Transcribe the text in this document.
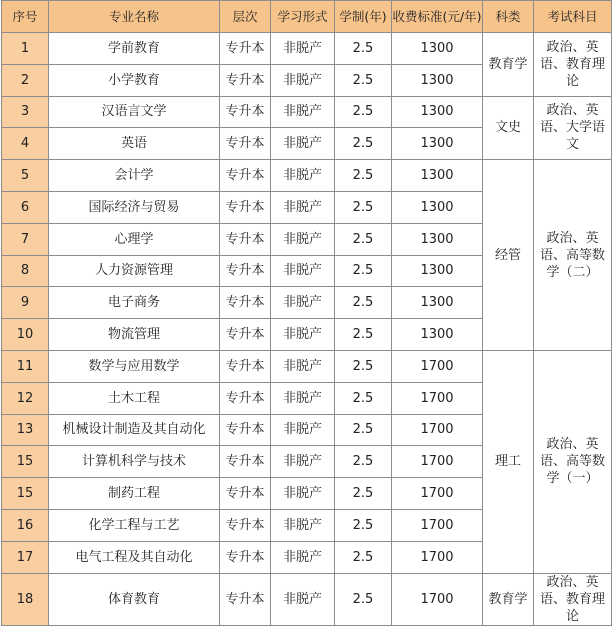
序号	专业名称	层次	学习形式	学制(年)	收费标准(元/年)	科类	考试科目
1	学前教育	专升本	非脱产	2.5	1300	教育学	政治、英语、教育理论
2	小学教育	专升本	非脱产	2.5	1300		
3	汉语言文学	专升本	非脱产	2.5	1300	文史	政治、英语、大学语文
4	英语	专升本	非脱产	2.5	1300		
5	会计学	专升本	非脱产	2.5	1300	经管	政治、英语、高等数学（二）
6	国际经济与贸易	专升本	非脱产	2.5	1300		
7	心理学	专升本	非脱产	2.5	1300		
8	人力资源管理	专升本	非脱产	2.5	1300		
9	电子商务	专升本	非脱产	2.5	1300		
10	物流管理	专升本	非脱产	2.5	1300		
11	数学与应用数学	专升本	非脱产	2.5	1700	理工	政治、英语、高等数学（一）
12	土木工程	专升本	非脱产	2.5	1700		
13	机械设计制造及其自动化	专升本	非脱产	2.5	1700		
15	计算机科学与技术	专升本	非脱产	2.5	1700		
15	制药工程	专升本	非脱产	2.5	1700		
16	化学工程与工艺	专升本	非脱产	2.5	1700		
17	电气工程及其自动化	专升本	非脱产	2.5	1700		
18	体育教育	专升本	非脱产	2.5	1700	教育学	政治、英语、教育理论
